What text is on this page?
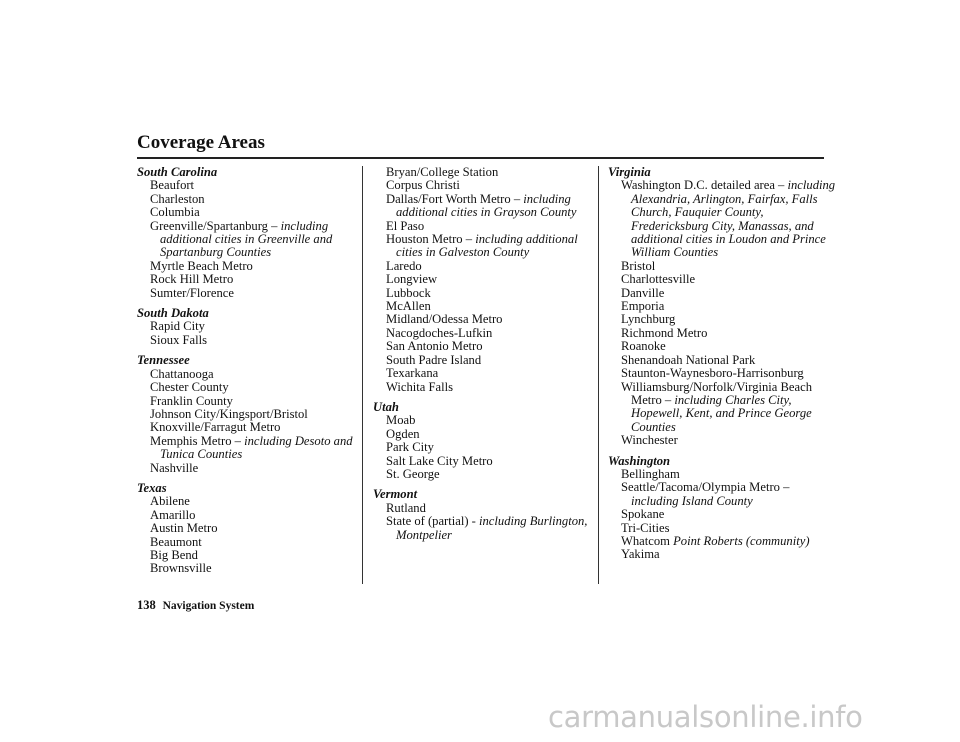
Coverage Areas
South Carolina
Beaufort
Charleston
Columbia
Greenville/Spartanburg – including additional cities in Greenville and Spartanburg Counties
Myrtle Beach Metro
Rock Hill Metro
Sumter/Florence
South Dakota
Rapid City
Sioux Falls
Tennessee
Chattanooga
Chester County
Franklin County
Johnson City/Kingsport/Bristol
Knoxville/Farragut Metro
Memphis Metro – including Desoto and Tunica Counties
Nashville
Texas
Abilene
Amarillo
Austin Metro
Beaumont
Big Bend
Brownsville
Bryan/College Station
Corpus Christi
Dallas/Fort Worth Metro – including additional cities in Grayson County
El Paso
Houston Metro – including additional cities in Galveston County
Laredo
Longview
Lubbock
McAllen
Midland/Odessa Metro
Nacogdoches-Lufkin
San Antonio Metro
South Padre Island
Texarkana
Wichita Falls
Utah
Moab
Ogden
Park City
Salt Lake City Metro
St. George
Vermont
Rutland
State of (partial) - including Burlington, Montpelier
Virginia
Washington D.C. detailed area – including Alexandria, Arlington, Fairfax, Falls Church, Fauquier County, Fredericksburg City, Manassas, and additional cities in Loudon and Prince William Counties
Bristol
Charlottesville
Danville
Emporia
Lynchburg
Richmond Metro
Roanoke
Shenandoah National Park
Staunton-Waynesboro-Harrisonburg
Williamsburg/Norfolk/Virginia Beach Metro – including Charles City, Hopewell, Kent, and Prince George Counties
Winchester
Washington
Bellingham
Seattle/Tacoma/Olympia Metro – including Island County
Spokane
Tri-Cities
Whatcom Point Roberts (community)
Yakima
138 Navigation System
carmanualsonline.info
